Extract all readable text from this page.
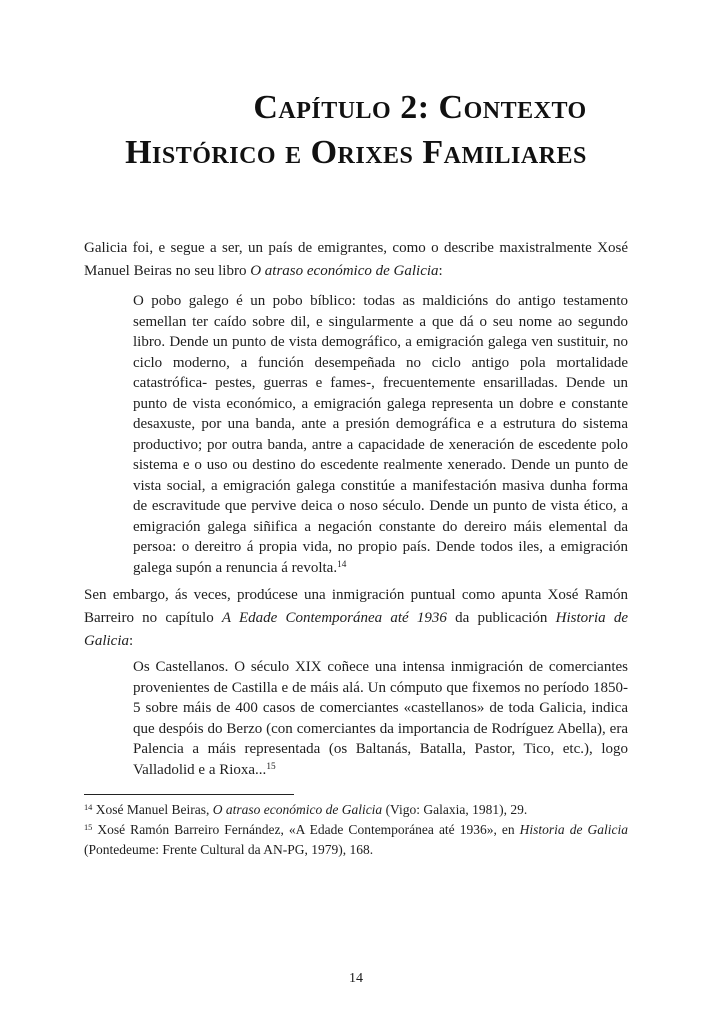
Capítulo 2: Contexto
Histórico e Orixes Familiares

Galicia foi, e segue a ser, un país de emigrantes, como o describe maxistralmente Xosé Manuel Beiras no seu libro O atraso económico de Galicia:

O pobo galego é un pobo bíblico: todas as maldicións do antigo testamento semellan ter caído sobre dil, e singularmente a que dá o seu nome ao segundo libro. Dende un punto de vista demográfico, a emigración galega ven sustituir, no ciclo moderno, a función desempeñada no ciclo antigo pola mortalidade catastrófica- pestes, guerras e fames-, frecuentemente ensarilladas. Dende un punto de vista económico, a emigración galega representa un dobre e constante desaxuste, por una banda, ante a presión demográfica e a estrutura do sistema productivo; por outra banda, antre a capacidade de xeneración de escedente polo sistema e o uso ou destino do escedente realmente xenerado. Dende un punto de vista social, a emigración galega constitúe a manifestación masiva dunha forma de escravitude que pervive deica o noso século. Dende un punto de vista ético, a emigración galega siñifica a negación constante do dereiro máis elemental da persoa: o dereitro á propia vida, no propio país. Dende todos iles, a emigración galega supón a renuncia á revolta.$^{14}$

Sen embargo, ás veces, prodúcese una inmigración puntual como apunta Xosé Ramón Barreiro no capítulo A Edade Contemporánea até 1936 da publicación Historia de Galicia:

Os Castellanos. O século XIX coñece una intensa inmigración de comerciantes provenientes de Castilla e de máis alá. Un cómputo que fixemos no período 1850-5 sobre máis de 400 casos de comerciantes «castellanos» de toda Galicia, indica que despóis do Berzo (con comerciantes da importancia de Rodríguez Abella), era Palencia a máis representada (os Baltanás, Batalla, Pastor, Tico, etc.), logo Valladolid e a Rioxa...$^{15}$
$^{14}$ Xosé Manuel Beiras, O atraso económico de Galicia (Vigo: Galaxia, 1981), 29.
$^{15}$ Xosé Ramón Barreiro Fernández, «A Edade Contemporánea até 1936», en Historia de Galicia (Pontedeume: Frente Cultural da AN-PG, 1979), 168.
14
